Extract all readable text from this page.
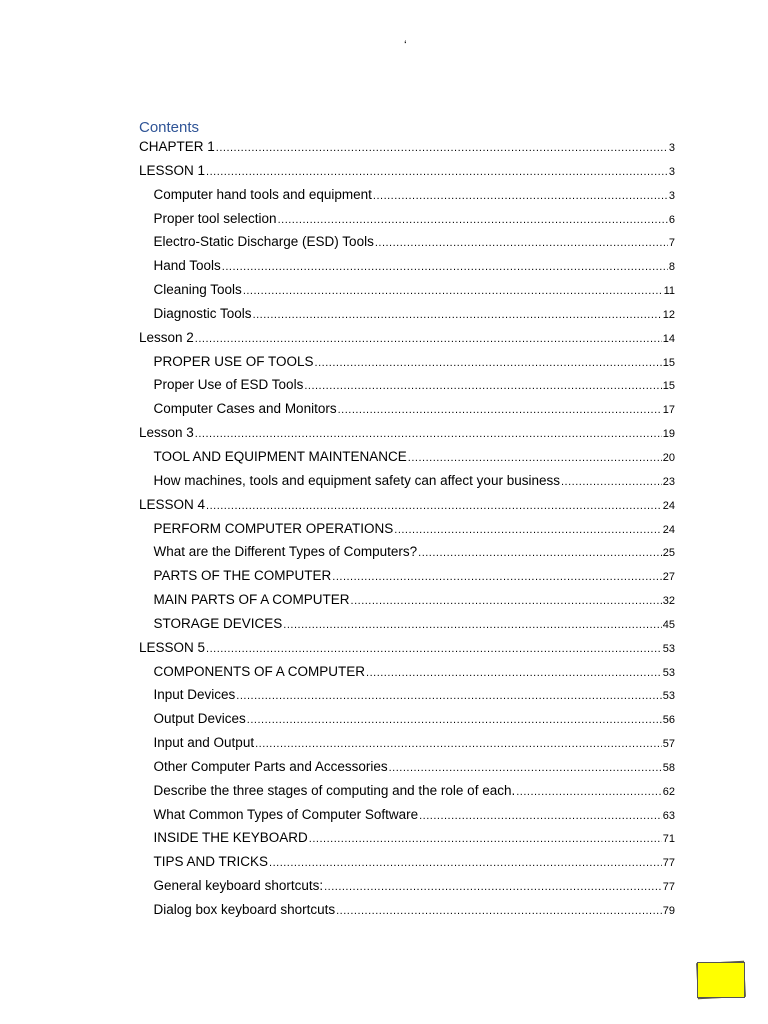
‘
Contents
CHAPTER 1 .....	3
LESSON 1 .....	3
Computer hand tools and equipment .....	3
Proper tool selection .....	6
Electro-Static Discharge (ESD) Tools .....	7
Hand Tools .....	8
Cleaning Tools .....	11
Diagnostic Tools .....	12
Lesson 2 .....	14
PROPER USE OF TOOLS .....	15
Proper Use of ESD Tools .....	15
Computer Cases and Monitors .....	17
Lesson 3 .....	19
TOOL AND EQUIPMENT MAINTENANCE .....	20
How machines, tools and equipment safety can affect your business .....	23
LESSON 4 .....	24
PERFORM COMPUTER OPERATIONS .....	24
What are the Different Types of Computers? .....	25
PARTS OF THE COMPUTER .....	27
MAIN PARTS OF A COMPUTER .....	32
STORAGE DEVICES .....	45
LESSON 5 .....	53
COMPONENTS OF A COMPUTER .....	53
Input Devices .....	53
Output Devices .....	56
Input and Output .....	57
Other Computer Parts and Accessories .....	58
Describe the three stages of computing and the role of each. .....	62
What Common Types of Computer Software .....	63
INSIDE THE KEYBOARD .....	71
TIPS AND TRICKS .....	77
General keyboard shortcuts: .....	77
Dialog box keyboard shortcuts .....	79
